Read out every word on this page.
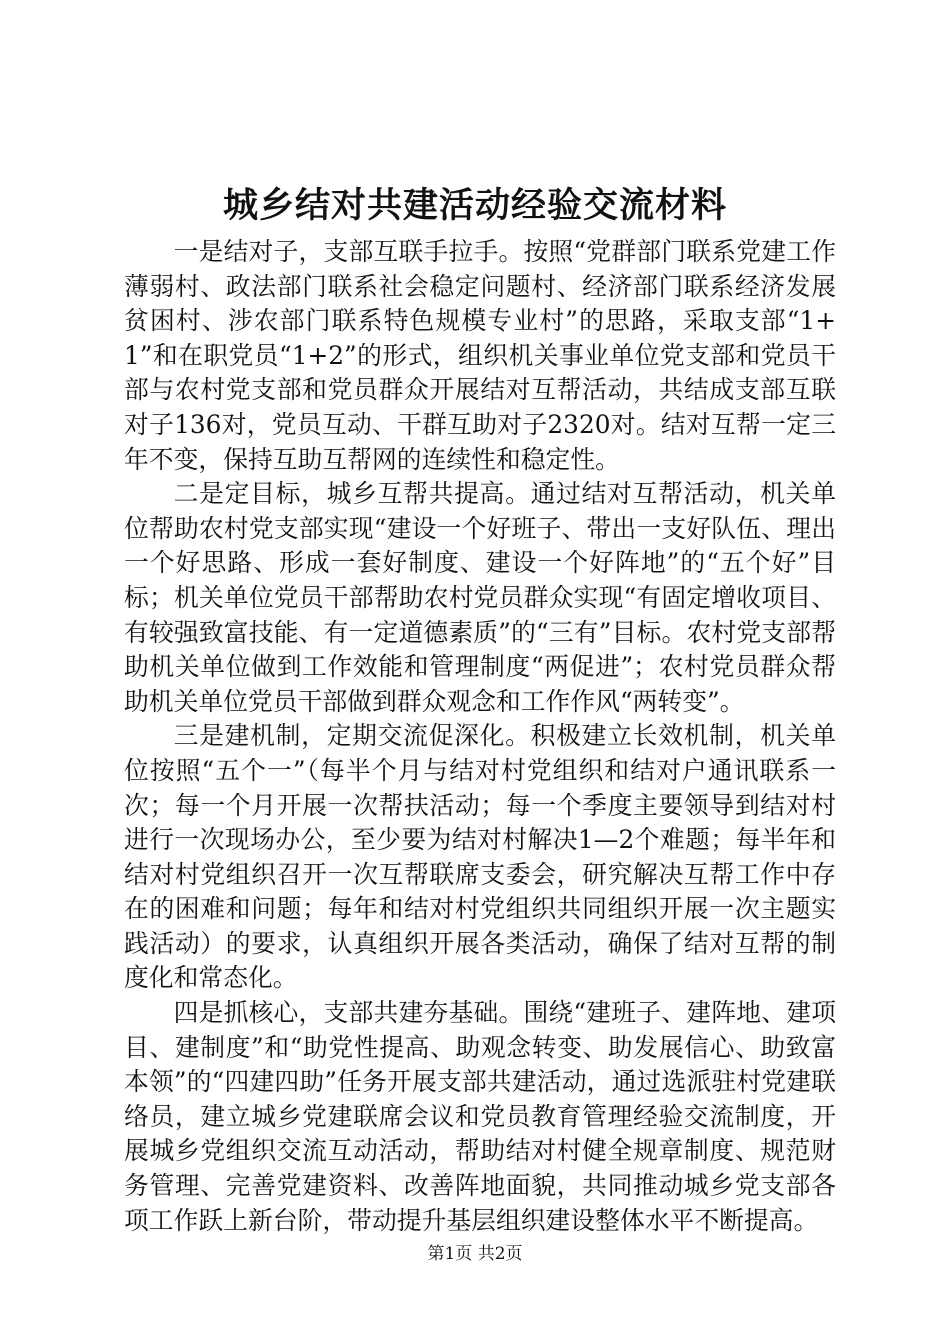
城乡结对共建活动经验交流材料

一是结对子，支部互联手拉手。按照“党群部门联系党建工作薄弱村、政法部门联系社会稳定问题村、经济部门联系经济发展贫困村、涉农部门联系特色规模专业村”的思路，采取支部“1+1”和在职党员“1+2”的形式，组织机关事业单位党支部和党员干部与农村党支部和党员群众开展结对互帮活动，共结成支部互联对子136对，党员互动、干群互助对子2320对。结对互帮一定三年不变，保持互助互帮网的连续性和稳定性。

二是定目标，城乡互帮共提高。通过结对互帮活动，机关单位帮助农村党支部实现“建设一个好班子、带出一支好队伍、理出一个好思路、形成一套好制度、建设一个好阵地”的“五个好”目标；机关单位党员干部帮助农村党员群众实现“有固定增收项目、有较强致富技能、有一定道德素质”的“三有”目标。农村党支部帮助机关单位做到工作效能和管理制度“两促进”；农村党员群众帮助机关单位党员干部做到群众观念和工作作风“两转变”。

三是建机制，定期交流促深化。积极建立长效机制，机关单位按照“五个一”（每半个月与结对村党组织和结对户通讯联系一次；每一个月开展一次帮扶活动；每一个季度主要领导到结对村进行一次现场办公，至少要为结对村解决1—2个难题；每半年和结对村党组织召开一次互帮联席支委会，研究解决互帮工作中存在的困难和问题；每年和结对村党组织共同组织开展一次主题实践活动）的要求，认真组织开展各类活动，确保了结对互帮的制度化和常态化。

四是抓核心，支部共建夯基础。围绕“建班子、建阵地、建项目、建制度”和“助党性提高、助观念转变、助发展信心、助致富本领”的“四建四助”任务开展支部共建活动，通过选派驻村党建联络员，建立城乡党建联席会议和党员教育管理经验交流制度，开展城乡党组织交流互动活动，帮助结对村健全规章制度、规范财务管理、完善党建资料、改善阵地面貌，共同推动城乡党支部各项工作跃上新台阶，带动提升基层组织建设整体水平不断提高。

第1页 共2页
